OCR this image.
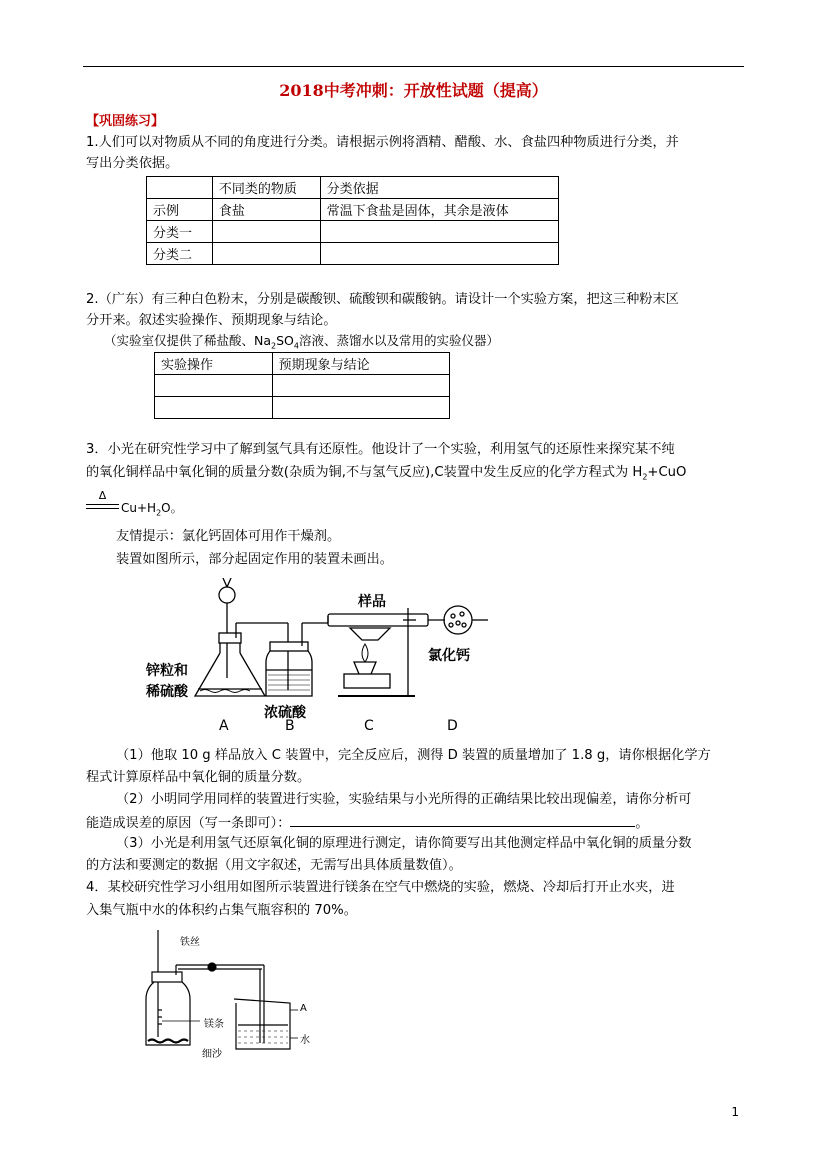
2018中考冲刺：开放性试题（提高）
【巩固练习】
1.人们可以对物质从不同的角度进行分类。请根据示例将酒精、醋酸、水、食盐四种物质进行分类，并
写出分类依据。
	不同类的物质	分类依据
示例	食盐	常温下食盐是固体，其余是液体
分类一		
分类二		
2.（广东）有三种白色粉末，分别是碳酸钡、硫酸钡和碳酸钠。请设计一个实验方案，把这三种粉末区
分开来。叙述实验操作、预期现象与结论。
（实验室仅提供了稀盐酸、$Na_2SO_4$溶液、蒸馏水以及常用的实验仪器）
实验操作	预期现象与结论

3．小光在研究性学习中了解到氢气具有还原性。他设计了一个实验，利用氢气的还原性来探究某不纯
的氧化铜样品中氧化铜的质量分数(杂质为铜,不与氢气反应),C装置中发生反应的化学方程式为 $H_2+CuO$
Δ
$Cu+H_2O$。
友情提示：氯化钙固体可用作干燥剂。
装置如图所示，部分起固定作用的装置未画出。
样品
氯化钙
锌粒和
稀硫酸
浓硫酸
A	B	C	D
（1）他取 10 g 样品放入 C 装置中，完全反应后，测得 D 装置的质量增加了 1.8 g，请你根据化学方
程式计算原样品中氧化铜的质量分数。
（2）小明同学用同样的装置进行实验，实验结果与小光所得的正确结果比较出现偏差，请你分析可
能造成误差的原因（写一条即可）：	。
（3）小光是利用氢气还原氧化铜的原理进行测定，请你简要写出其他测定样品中氧化铜的质量分数
的方法和要测定的数据（用文字叙述，无需写出具体质量数值）。
4．某校研究性学习小组用如图所示装置进行镁条在空气中燃烧的实验，燃烧、冷却后打开止水夹，进
入集气瓶中水的体积约占集气瓶容积的 70%。
铁丝
镁条
细沙
A
水
1
